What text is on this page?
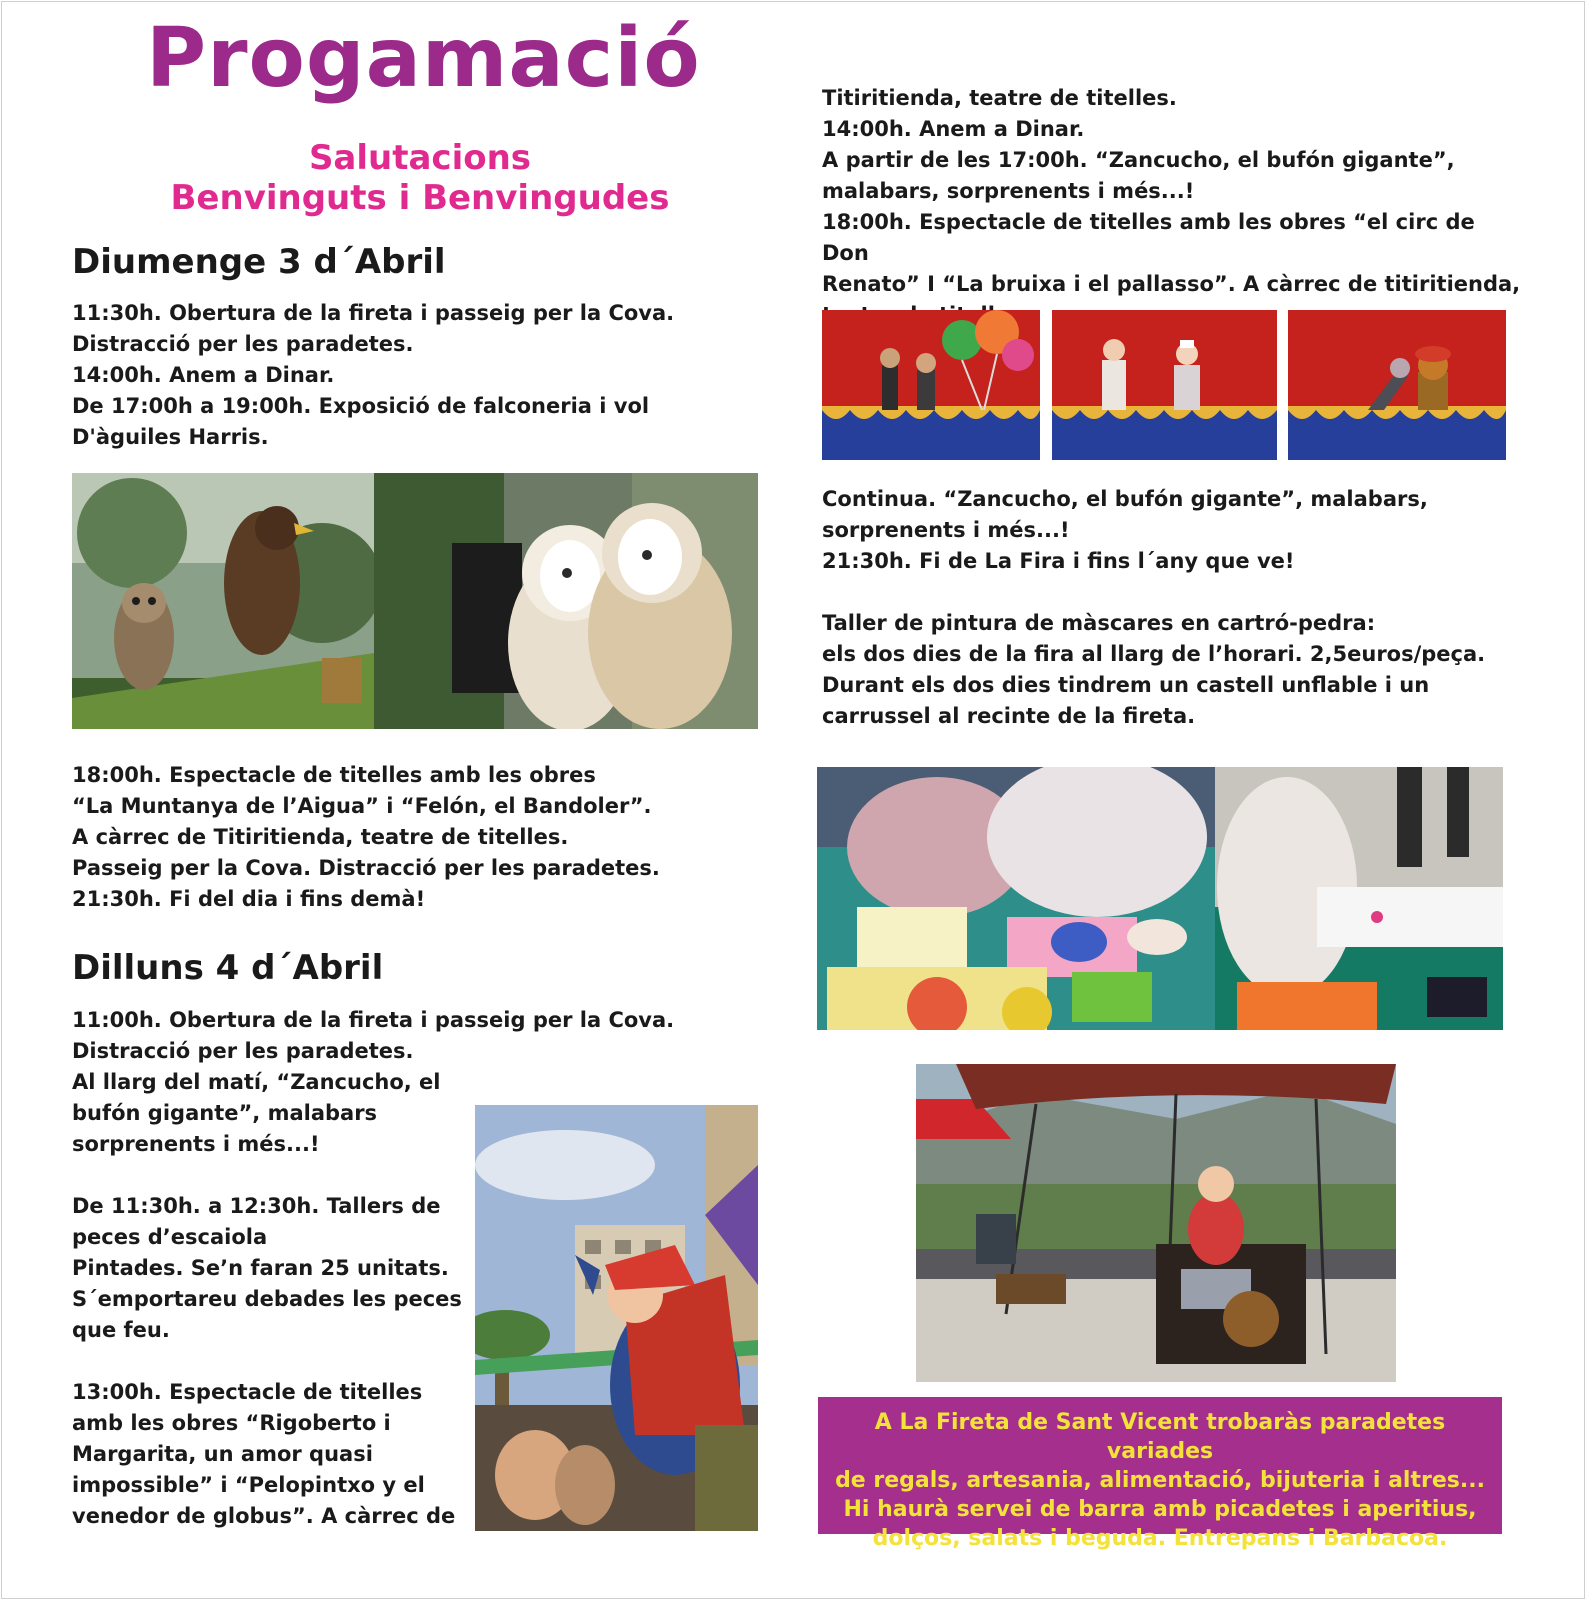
Progamació
Salutacions
Benvinguts i Benvingudes
Diumenge 3 d´Abril

11:30h. Obertura de la fireta i passeig per la Cova.

Distracció per les paradetes.

14:00h. Anem a Dinar.

De 17:00h a 19:00h. Exposició de falconeria i vol

D'àguiles Harris.

18:00h. Espectacle de titelles amb les obres

“La Muntanya de l’Aigua” i “Felón, el Bandoler”.

A càrrec de Titiritienda, teatre de titelles.

Passeig per la Cova. Distracció per les paradetes.

21:30h. Fi del dia i fins demà!

Dilluns 4 d´Abril

11:00h. Obertura de la fireta i passeig per la Cova.

Distracció per les paradetes.

Al llarg del matí, “Zancucho, el

bufón gigante”, malabars

sorprenents i més...!

De 11:30h. a 12:30h. Tallers de

peces d’escaiola

Pintades. Se’n faran 25 unitats.

S´emportareu debades les peces

que feu.

13:00h. Espectacle de titelles

amb les obres “Rigoberto i

Margarita, un amor quasi

impossible” i “Pelopintxo y el

venedor de globus”. A càrrec de

Titiritienda, teatre de titelles.

14:00h. Anem a Dinar.

A partir de les 17:00h. “Zancucho, el bufón gigante”,

malabars, sorprenents i més...!

18:00h. Espectacle de titelles amb les obres “el circ de Don

Renato” I “La bruixa i el pallasso”. A càrrec de titiritienda,

Continua. “Zancucho, el bufón gigante”, malabars,

sorprenents i més...!

21:30h. Fi de La Fira i fins l´any que ve!

Taller de pintura de màscares en cartró-pedra:

els dos dies de la fira al llarg de l’horari. 2,5euros/peça.

Durant els dos dies tindrem un castell unflable i un

carrussel al recinte de la fireta.

A La Fireta de Sant Vicent trobaràs paradetes variades

de regals, artesania, alimentació, bijuteria i altres...

Hi haurà servei de barra amb picadetes i aperitius,

dolços, salats i beguda. Entrepans i Barbacoa.
